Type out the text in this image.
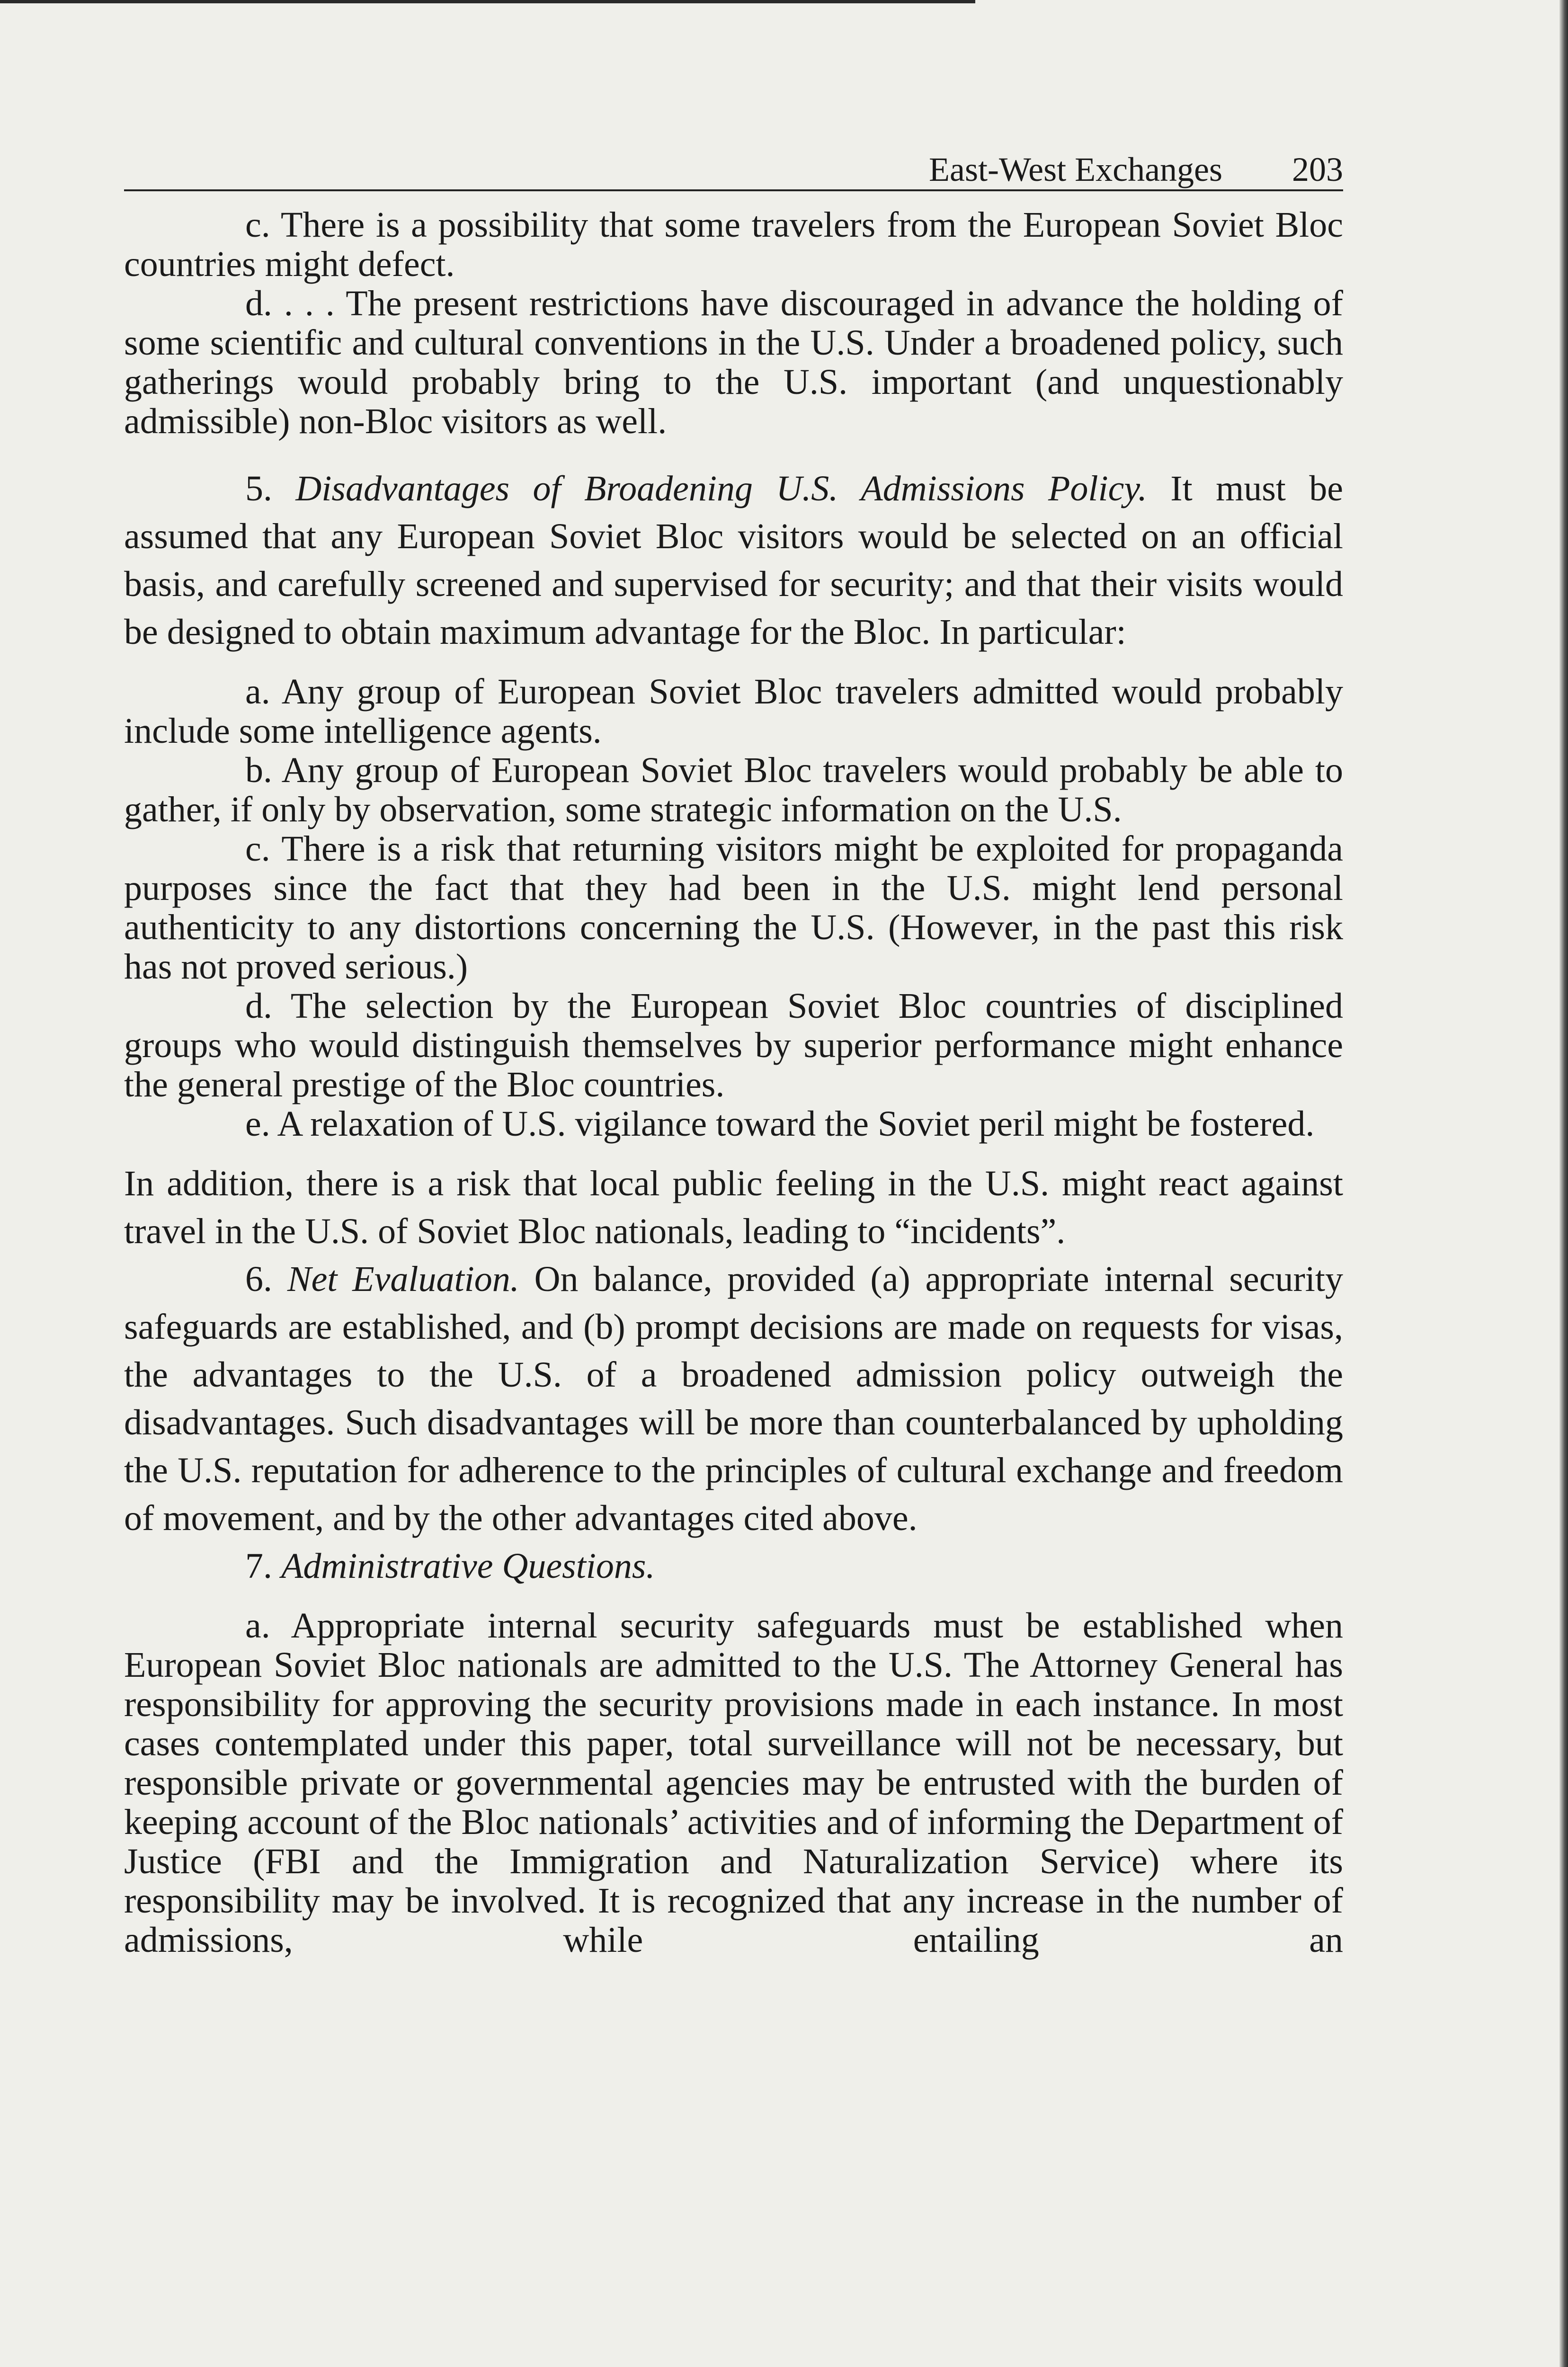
East-West Exchanges 203

c. There is a possibility that some travelers from the European Soviet Bloc countries might defect.

d. . . . The present restrictions have discouraged in advance the holding of some scientific and cultural conventions in the U.S. Under a broadened policy, such gatherings would probably bring to the U.S. important (and unquestionably admissible) non-Bloc visitors as well.

5. Disadvantages of Broadening U.S. Admissions Policy. It must be assumed that any European Soviet Bloc visitors would be selected on an official basis, and carefully screened and supervised for security; and that their visits would be designed to obtain maximum advantage for the Bloc. In particular:

a. Any group of European Soviet Bloc travelers admitted would probably include some intelligence agents.

b. Any group of European Soviet Bloc travelers would probably be able to gather, if only by observation, some strategic information on the U.S.

c. There is a risk that returning visitors might be exploited for propaganda purposes since the fact that they had been in the U.S. might lend personal authenticity to any distortions concerning the U.S. (However, in the past this risk has not proved serious.)

d. The selection by the European Soviet Bloc countries of disciplined groups who would distinguish themselves by superior performance might enhance the general prestige of the Bloc countries.

e. A relaxation of U.S. vigilance toward the Soviet peril might be fostered.

In addition, there is a risk that local public feeling in the U.S. might react against travel in the U.S. of Soviet Bloc nationals, leading to “incidents”.

6. Net Evaluation. On balance, provided (a) appropriate internal security safeguards are established, and (b) prompt decisions are made on requests for visas, the advantages to the U.S. of a broadened admission policy outweigh the disadvantages. Such disadvantages will be more than counterbalanced by upholding the U.S. reputation for adherence to the principles of cultural exchange and freedom of movement, and by the other advantages cited above.

7. Administrative Questions.

a. Appropriate internal security safeguards must be established when European Soviet Bloc nationals are admitted to the U.S. The Attorney General has responsibility for approving the security provisions made in each instance. In most cases contemplated under this paper, total surveillance will not be necessary, but responsible private or governmental agencies may be entrusted with the burden of keeping account of the Bloc nationals’ activities and of informing the Department of Justice (FBI and the Immigration and Naturalization Service) where its responsibility may be involved. It is recognized that any increase in the number of admissions, while entailing an
